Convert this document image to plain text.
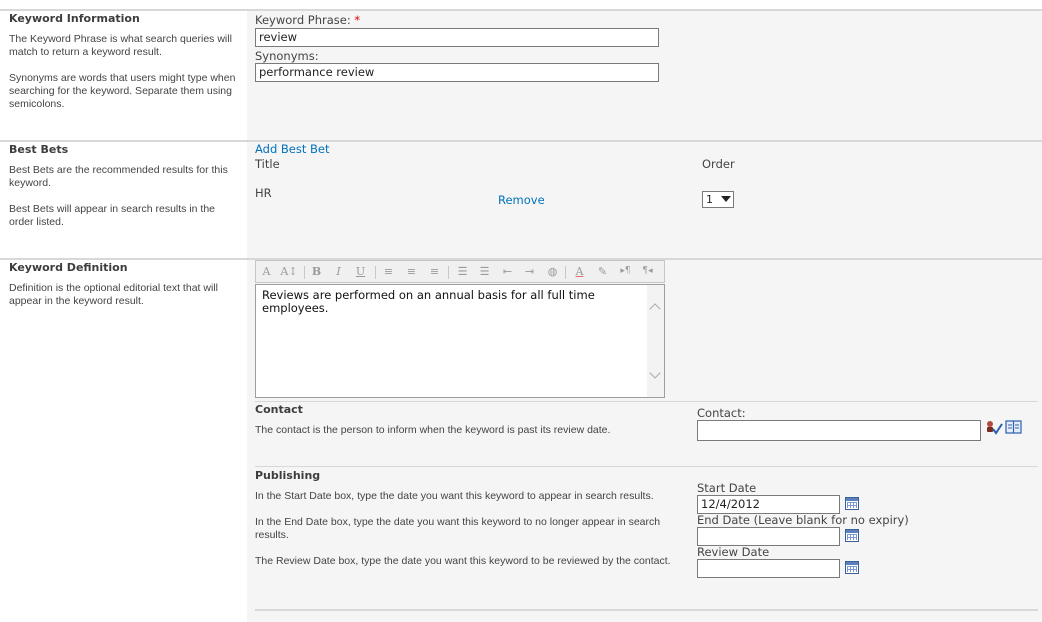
Keyword Information
The Keyword Phrase is what search queries will match to return a keyword result.
Synonyms are words that users might type when searching for the keyword. Separate them using semicolons.
Keyword Phrase: *
review
Synonyms:
performance review
Best Bets
Best Bets are the recommended results for this keyword.
Best Bets will appear in search results in the order listed.
Add Best Bet
Title	Order
HR	Remove	1
Keyword Definition
Definition is the optional editorial text that will appear in the keyword result.
A A↕ B	I	U ≡ ≡ ≡ ☰ ☰ ⇤ ⇥ ◍	A	✎	▸¶ ¶◂
Reviews are performed on an annual basis for all full time employees.
Contact
The contact is the person to inform when the keyword is past its review date.
Contact:
Publishing
In the Start Date box, type the date you want this keyword to appear in search results.
In the End Date box, type the date you want this keyword to no longer appear in search results.
The Review Date box, type the date you want this keyword to be reviewed by the contact.
Start Date
12/4/2012
End Date (Leave blank for no expiry)
Review Date
